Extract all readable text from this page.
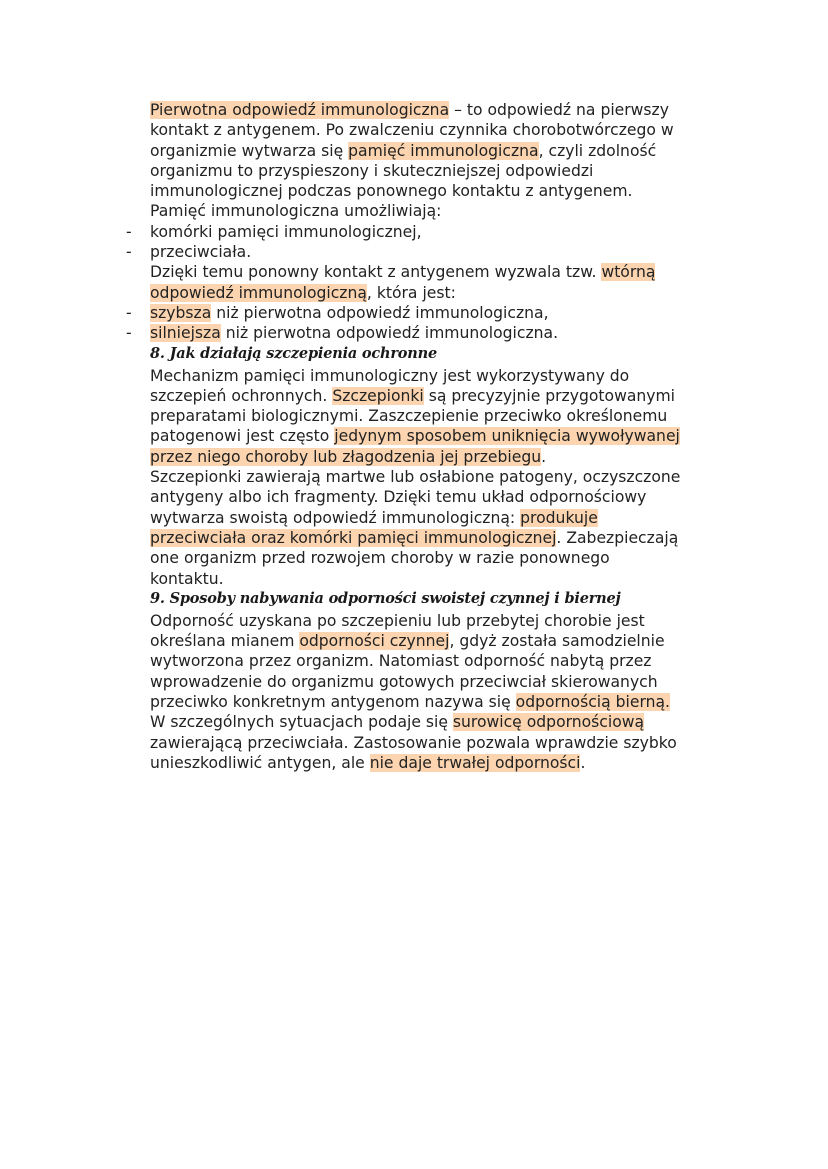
Pierwotna odpowiedź immunologiczna – to odpowiedź na pierwszy
kontakt z antygenem. Po zwalczeniu czynnika chorobotwórczego w
organizmie wytwarza się pamięć immunologiczna, czyli zdolność
organizmu to przyspieszony i skuteczniejszej odpowiedzi
immunologicznej podczas ponownego kontaktu z antygenem.
Pamięć immunologiczna umożliwiają:
- komórki pamięci immunologicznej,
- przeciwciała.
Dzięki temu ponowny kontakt z antygenem wyzwala tzw. wtórną
odpowiedź immunologiczną, która jest:
- szybsza niż pierwotna odpowiedź immunologiczna,
- silniejsza niż pierwotna odpowiedź immunologiczna.
8. Jak działają szczepienia ochronne
Mechanizm pamięci immunologiczny jest wykorzystywany do
szczepień ochronnych. Szczepionki są precyzyjnie przygotowanymi
preparatami biologicznymi. Zaszczepienie przeciwko określonemu
patogenowi jest często jedynym sposobem uniknięcia wywoływanej
przez niego choroby lub złagodzenia jej przebiegu.
Szczepionki zawierają martwe lub osłabione patogeny, oczyszczone
antygeny albo ich fragmenty. Dzięki temu układ odpornościowy
wytwarza swoistą odpowiedź immunologiczną: produkuje
przeciwciała oraz komórki pamięci immunologicznej. Zabezpieczają
one organizm przed rozwojem choroby w razie ponownego
kontaktu.
9. Sposoby nabywania odporności swoistej czynnej i biernej
Odporność uzyskana po szczepieniu lub przebytej chorobie jest
określana mianem odporności czynnej, gdyż została samodzielnie
wytworzona przez organizm. Natomiast odporność nabytą przez
wprowadzenie do organizmu gotowych przeciwciał skierowanych
przeciwko konkretnym antygenom nazywa się odpornością bierną.
W szczególnych sytuacjach podaje się surowicę odpornościową
zawierającą przeciwciała. Zastosowanie pozwala wprawdzie szybko
unieszkodliwić antygen, ale nie daje trwałej odporności.
